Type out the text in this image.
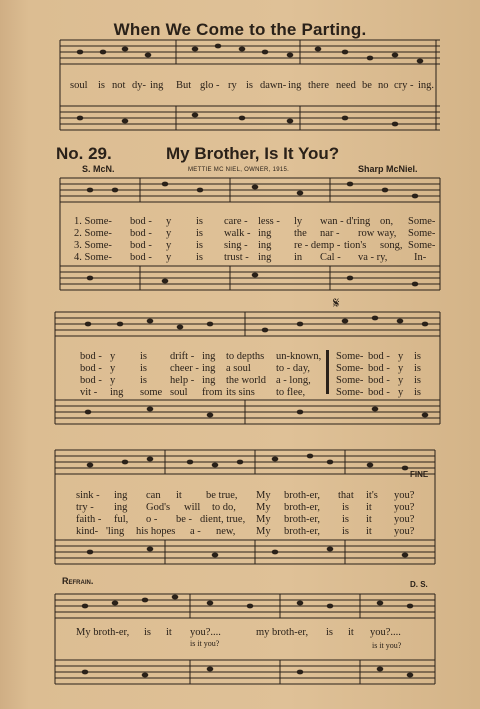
𝄋
When We Come to the Parting.
soul is not dy- ing But glo - ry is dawn- ing there need be no cry - ing.
No. 29.	My Brother, Is It You?
S. McN.	METTIE MC NIEL, OWNER, 1915.	Sharp McNiel.
1. Some- bod - y is care - less - ly wan - d'ring on, Some-
2. Some- bod - y is walk - ing the nar - row way, Some-
3. Some- bod - y is sing - ing re - demp - tion's song, Some-
4. Some- bod - y is trust - ing in Cal - va - ry,	In-
bod - y is drift - ing to depths un-known, Some- bod - y is
bod - y is cheer - ing a soul to - day, Some- bod - y is
bod - y is help - ing the world a - long, Some- bod - y is
vit - ing some soul from its sins to flee,	Some- bod - y is
FINE
sink - ing can it be true, My broth-er, that it's you?
try - ing God's will to do, My broth-er, is it you?
faith - ful, o - be - dient, true, My broth-er, is it you?
kind- 'ling his hopes a - new, My broth-er, is it you?
Refrain.	D. S.
My broth-er, is it you?....	my broth-er, is it you?....
is it you?	is it you?
